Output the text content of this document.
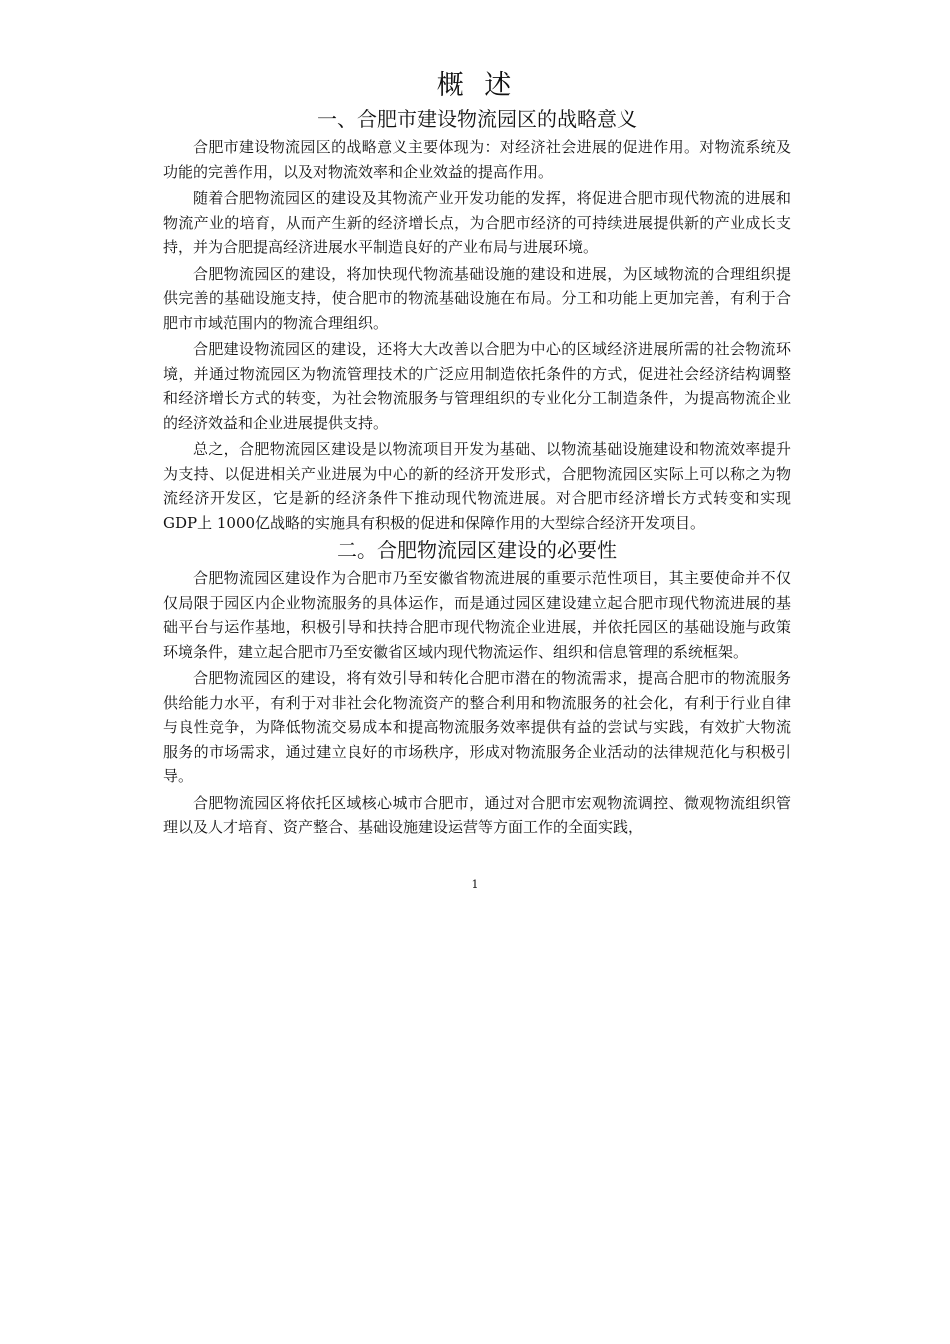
概 述
一、合肥市建设物流园区的战略意义

合肥市建设物流园区的战略意义主要体现为：对经济社会进展的促进作用。对物流系统及功能的完善作用，以及对物流效率和企业效益的提高作用。

随着合肥物流园区的建设及其物流产业开发功能的发挥，将促进合肥市现代物流的进展和物流产业的培育，从而产生新的经济增长点，为合肥市经济的可持续进展提供新的产业成长支持，并为合肥提高经济进展水平制造良好的产业布局与进展环境。

合肥物流园区的建设，将加快现代物流基础设施的建设和进展，为区域物流的合理组织提供完善的基础设施支持，使合肥市的物流基础设施在布局。分工和功能上更加完善，有利于合肥市市域范围内的物流合理组织。

合肥建设物流园区的建设，还将大大改善以合肥为中心的区域经济进展所需的社会物流环境，并通过物流园区为物流管理技术的广泛应用制造依托条件的方式，促进社会经济结构调整和经济增长方式的转变，为社会物流服务与管理组织的专业化分工制造条件，为提高物流企业的经济效益和企业进展提供支持。

总之，合肥物流园区建设是以物流项目开发为基础、以物流基础设施建设和物流效率提升为支持、以促进相关产业进展为中心的新的经济开发形式，合肥物流园区实际上可以称之为物流经济开发区，它是新的经济条件下推动现代物流进展。对合肥市经济增长方式转变和实现 GDP上 1000亿战略的实施具有积极的促进和保障作用的大型综合经济开发项目。

二。合肥物流园区建设的必要性

合肥物流园区建设作为合肥市乃至安徽省物流进展的重要示范性项目，其主要使命并不仅仅局限于园区内企业物流服务的具体运作，而是通过园区建设建立起合肥市现代物流进展的基础平台与运作基地，积极引导和扶持合肥市现代物流企业进展，并依托园区的基础设施与政策环境条件，建立起合肥市乃至安徽省区域内现代物流运作、组织和信息管理的系统框架。

合肥物流园区的建设，将有效引导和转化合肥市潜在的物流需求，提高合肥市的物流服务供给能力水平，有利于对非社会化物流资产的整合利用和物流服务的社会化，有利于行业自律与良性竞争，为降低物流交易成本和提高物流服务效率提供有益的尝试与实践，有效扩大物流服务的市场需求，通过建立良好的市场秩序，形成对物流服务企业活动的法律规范化与积极引导。

合肥物流园区将依托区域核心城市合肥市，通过对合肥市宏观物流调控、微观物流组织管理以及人才培育、资产整合、基础设施建设运营等方面工作的全面实践，

1
